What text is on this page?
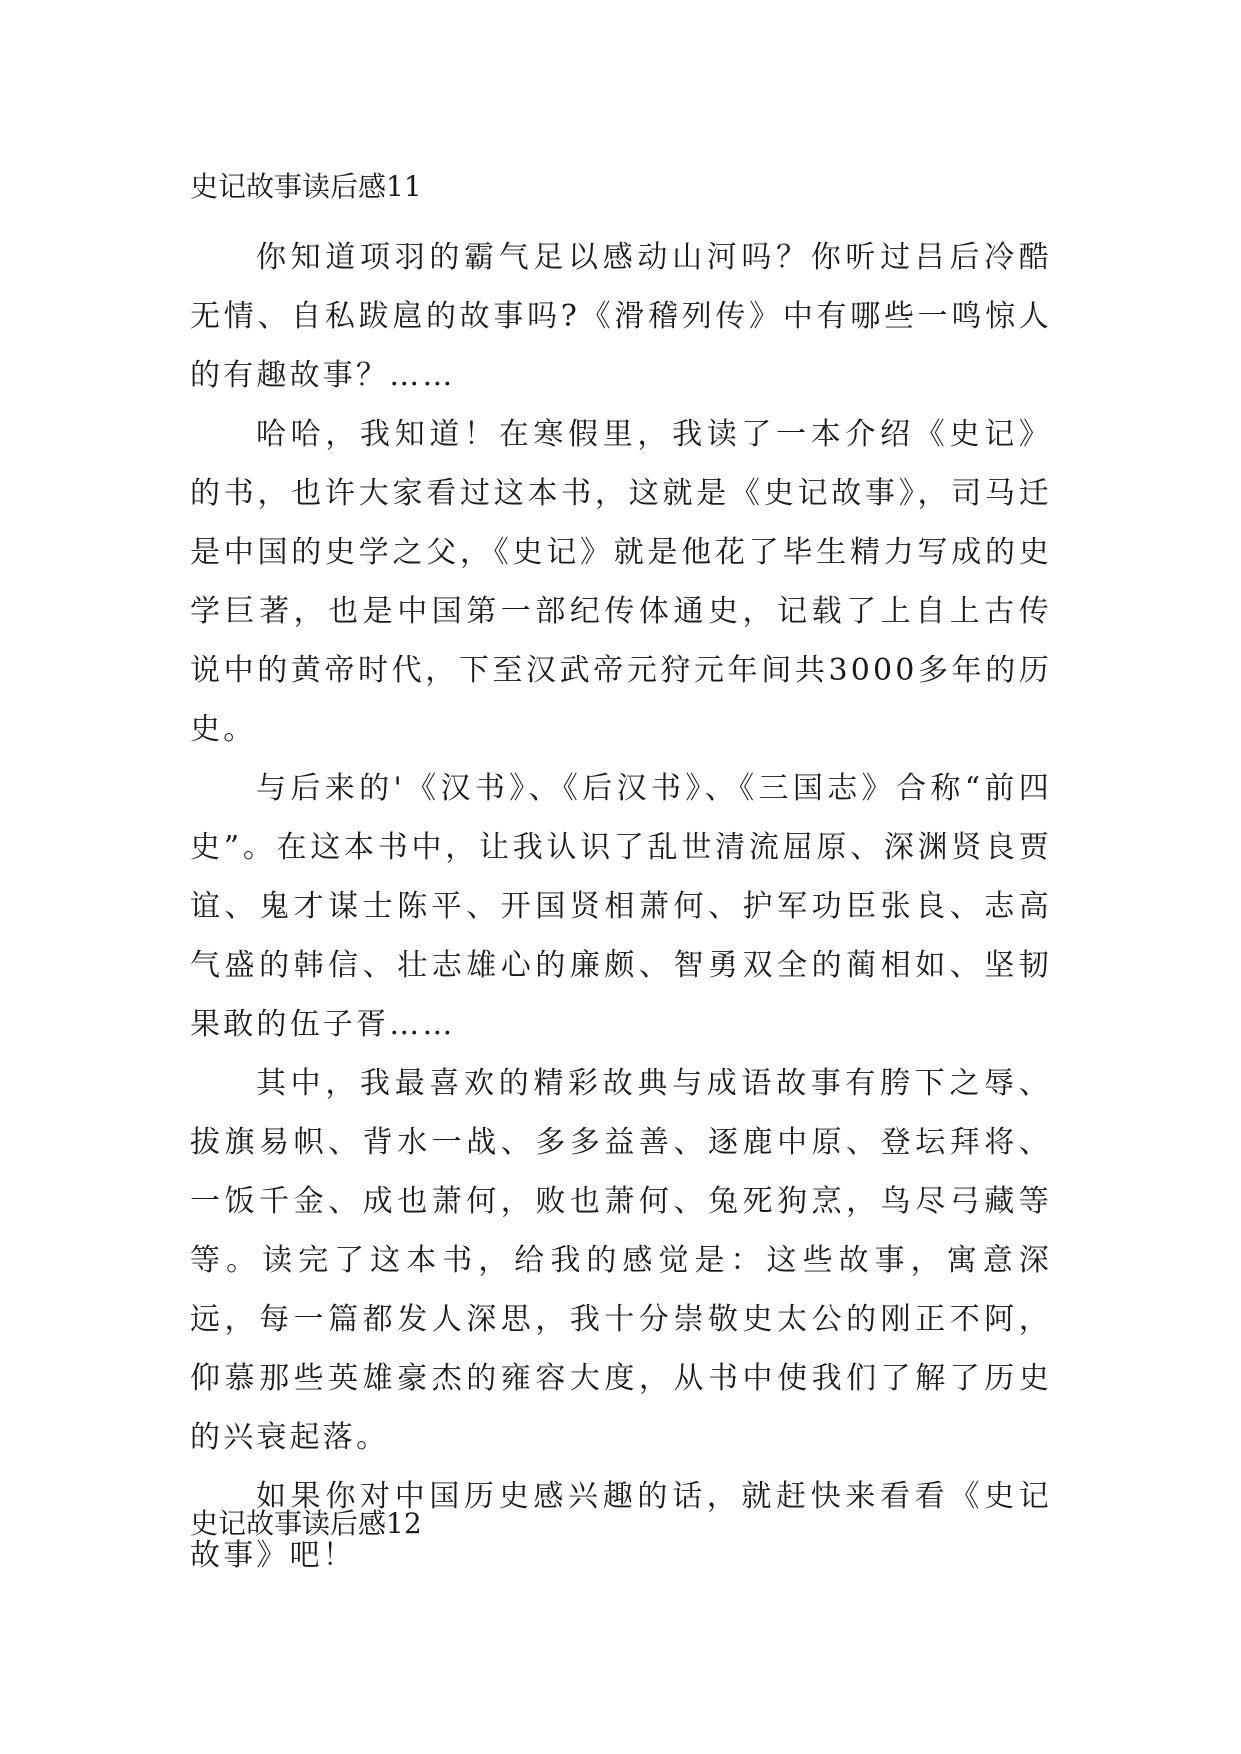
史记故事读后感11

你知道项羽的霸气足以感动山河吗？你听过吕后冷酷无情、自私跋扈的故事吗?《滑稽列传》中有哪些一鸣惊人的有趣故事？……

哈哈，我知道！在寒假里，我读了一本介绍《史记》的书，也许大家看过这本书，这就是《史记故事》，司马迁是中国的史学之父，《史记》就是他花了毕生精力写成的史学巨著，也是中国第一部纪传体通史，记载了上自上古传说中的黄帝时代，下至汉武帝元狩元年间共3000多年的历史。

与后来的'《汉书》、《后汉书》、《三国志》合称“前四史”。在这本书中，让我认识了乱世清流屈原、深渊贤良贾谊、鬼才谋士陈平、开国贤相萧何、护军功臣张良、志高气盛的韩信、壮志雄心的廉颇、智勇双全的蔺相如、坚韧果敢的伍子胥……

其中，我最喜欢的精彩故典与成语故事有胯下之辱、拔旗易帜、背水一战、多多益善、逐鹿中原、登坛拜将、一饭千金、成也萧何，败也萧何、兔死狗烹，鸟尽弓藏等等。读完了这本书，给我的感觉是：这些故事，寓意深远，每一篇都发人深思，我十分崇敬史太公的刚正不阿，仰慕那些英雄豪杰的雍容大度，从书中使我们了解了历史的兴衰起落。

如果你对中国历史感兴趣的话，就赶快来看看《史记故事》吧！

史记故事读后感12
